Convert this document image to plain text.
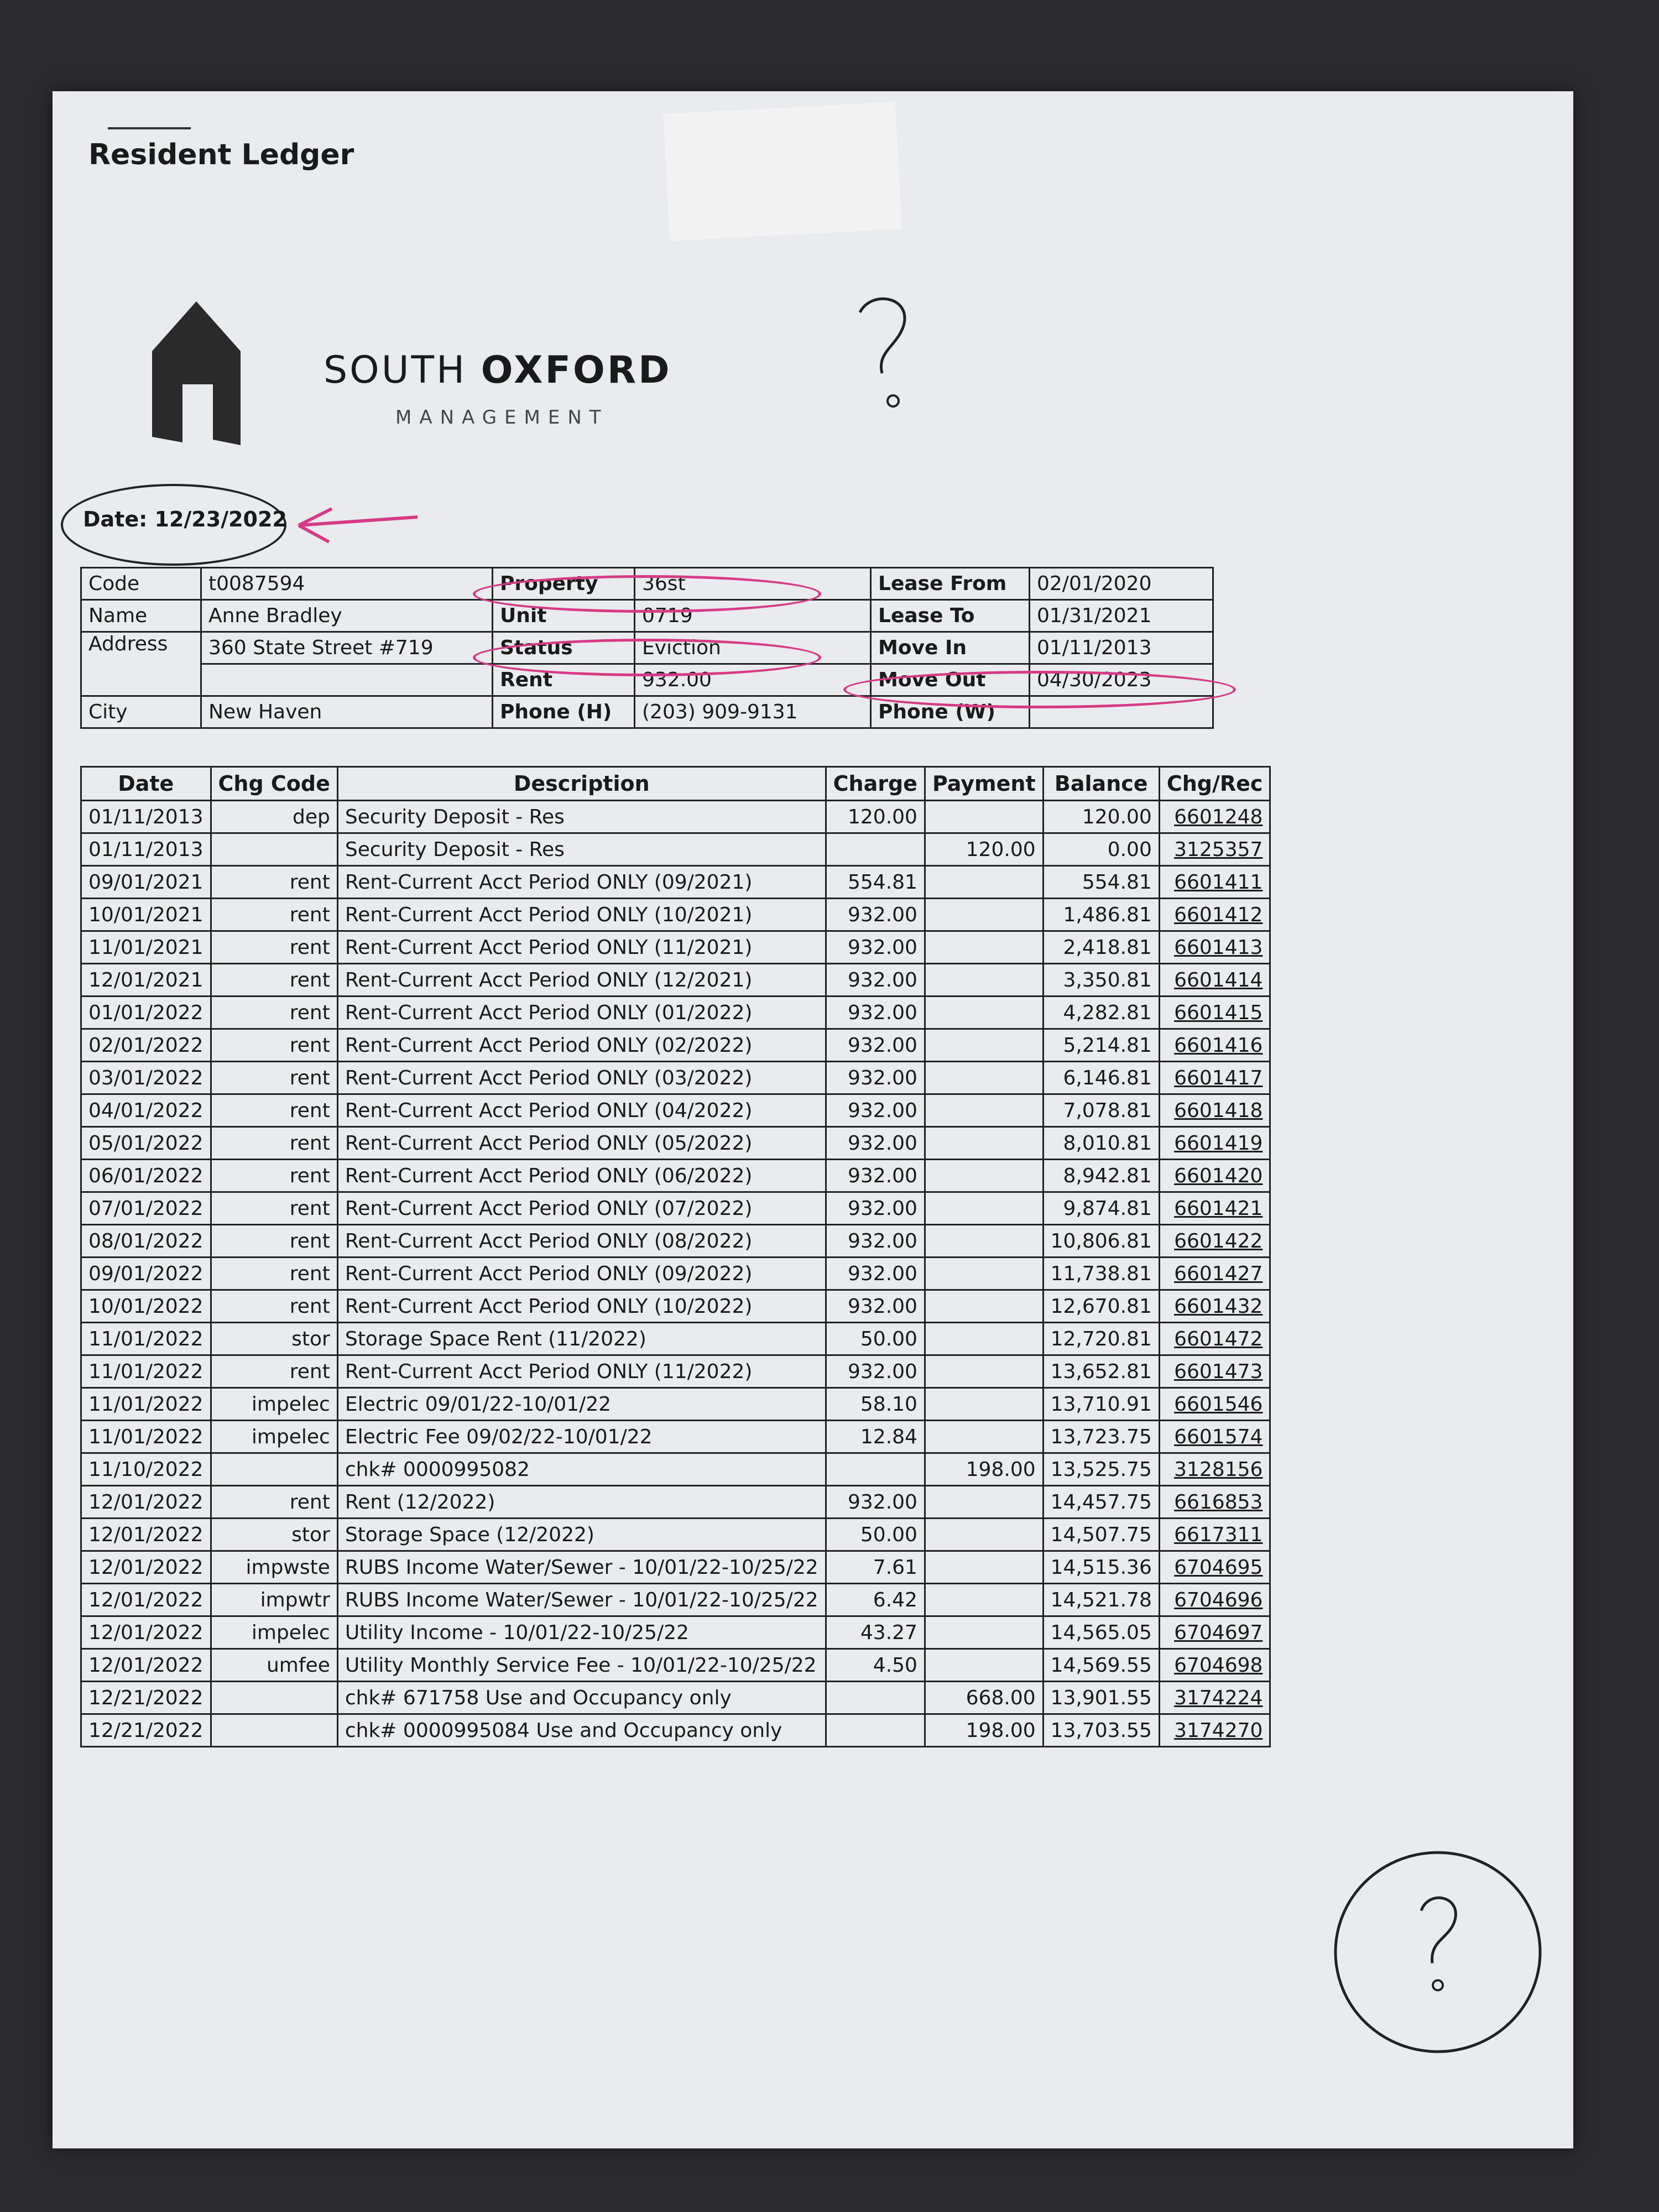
Resident Ledger
SOUTH OXFORD
MANAGEMENT
Date: 12/23/2022
Code	t0087594	Property	36st	Lease From	02/01/2020
Name	Anne Bradley	Unit	0719	Lease To	01/31/2021
Address	360 State Street #719	Status	Eviction	Move In	01/11/2013
		Rent	932.00	Move Out	04/30/2023
City	New Haven	Phone (H)	(203) 909-9131	Phone (W)	
Date	Chg Code	Description	Charge	Payment	Balance	Chg/Rec
01/11/2013	dep	Security Deposit - Res	120.00		120.00	6601248
01/11/2013		Security Deposit - Res		120.00	0.00	3125357
09/01/2021	rent	Rent-Current Acct Period ONLY (09/2021)	554.81		554.81	6601411
10/01/2021	rent	Rent-Current Acct Period ONLY (10/2021)	932.00		1,486.81	6601412
11/01/2021	rent	Rent-Current Acct Period ONLY (11/2021)	932.00		2,418.81	6601413
12/01/2021	rent	Rent-Current Acct Period ONLY (12/2021)	932.00		3,350.81	6601414
01/01/2022	rent	Rent-Current Acct Period ONLY (01/2022)	932.00		4,282.81	6601415
02/01/2022	rent	Rent-Current Acct Period ONLY (02/2022)	932.00		5,214.81	6601416
03/01/2022	rent	Rent-Current Acct Period ONLY (03/2022)	932.00		6,146.81	6601417
04/01/2022	rent	Rent-Current Acct Period ONLY (04/2022)	932.00		7,078.81	6601418
05/01/2022	rent	Rent-Current Acct Period ONLY (05/2022)	932.00		8,010.81	6601419
06/01/2022	rent	Rent-Current Acct Period ONLY (06/2022)	932.00		8,942.81	6601420
07/01/2022	rent	Rent-Current Acct Period ONLY (07/2022)	932.00		9,874.81	6601421
08/01/2022	rent	Rent-Current Acct Period ONLY (08/2022)	932.00		10,806.81	6601422
09/01/2022	rent	Rent-Current Acct Period ONLY (09/2022)	932.00		11,738.81	6601427
10/01/2022	rent	Rent-Current Acct Period ONLY (10/2022)	932.00		12,670.81	6601432
11/01/2022	stor	Storage Space Rent (11/2022)	50.00		12,720.81	6601472
11/01/2022	rent	Rent-Current Acct Period ONLY (11/2022)	932.00		13,652.81	6601473
11/01/2022	impelec	Electric 09/01/22-10/01/22	58.10		13,710.91	6601546
11/01/2022	impelec	Electric Fee 09/02/22-10/01/22	12.84		13,723.75	6601574
11/10/2022		chk# 0000995082		198.00	13,525.75	3128156
12/01/2022	rent	Rent (12/2022)	932.00		14,457.75	6616853
12/01/2022	stor	Storage Space (12/2022)	50.00		14,507.75	6617311
12/01/2022	impwste	RUBS Income Water/Sewer - 10/01/22-10/25/22	7.61		14,515.36	6704695
12/01/2022	impwtr	RUBS Income Water/Sewer - 10/01/22-10/25/22	6.42		14,521.78	6704696
12/01/2022	impelec	Utility Income - 10/01/22-10/25/22	43.27		14,565.05	6704697
12/01/2022	umfee	Utility Monthly Service Fee - 10/01/22-10/25/22	4.50		14,569.55	6704698
12/21/2022		chk# 671758 Use and Occupancy only		668.00	13,901.55	3174224
12/21/2022		chk# 0000995084 Use and Occupancy only		198.00	13,703.55	3174270
